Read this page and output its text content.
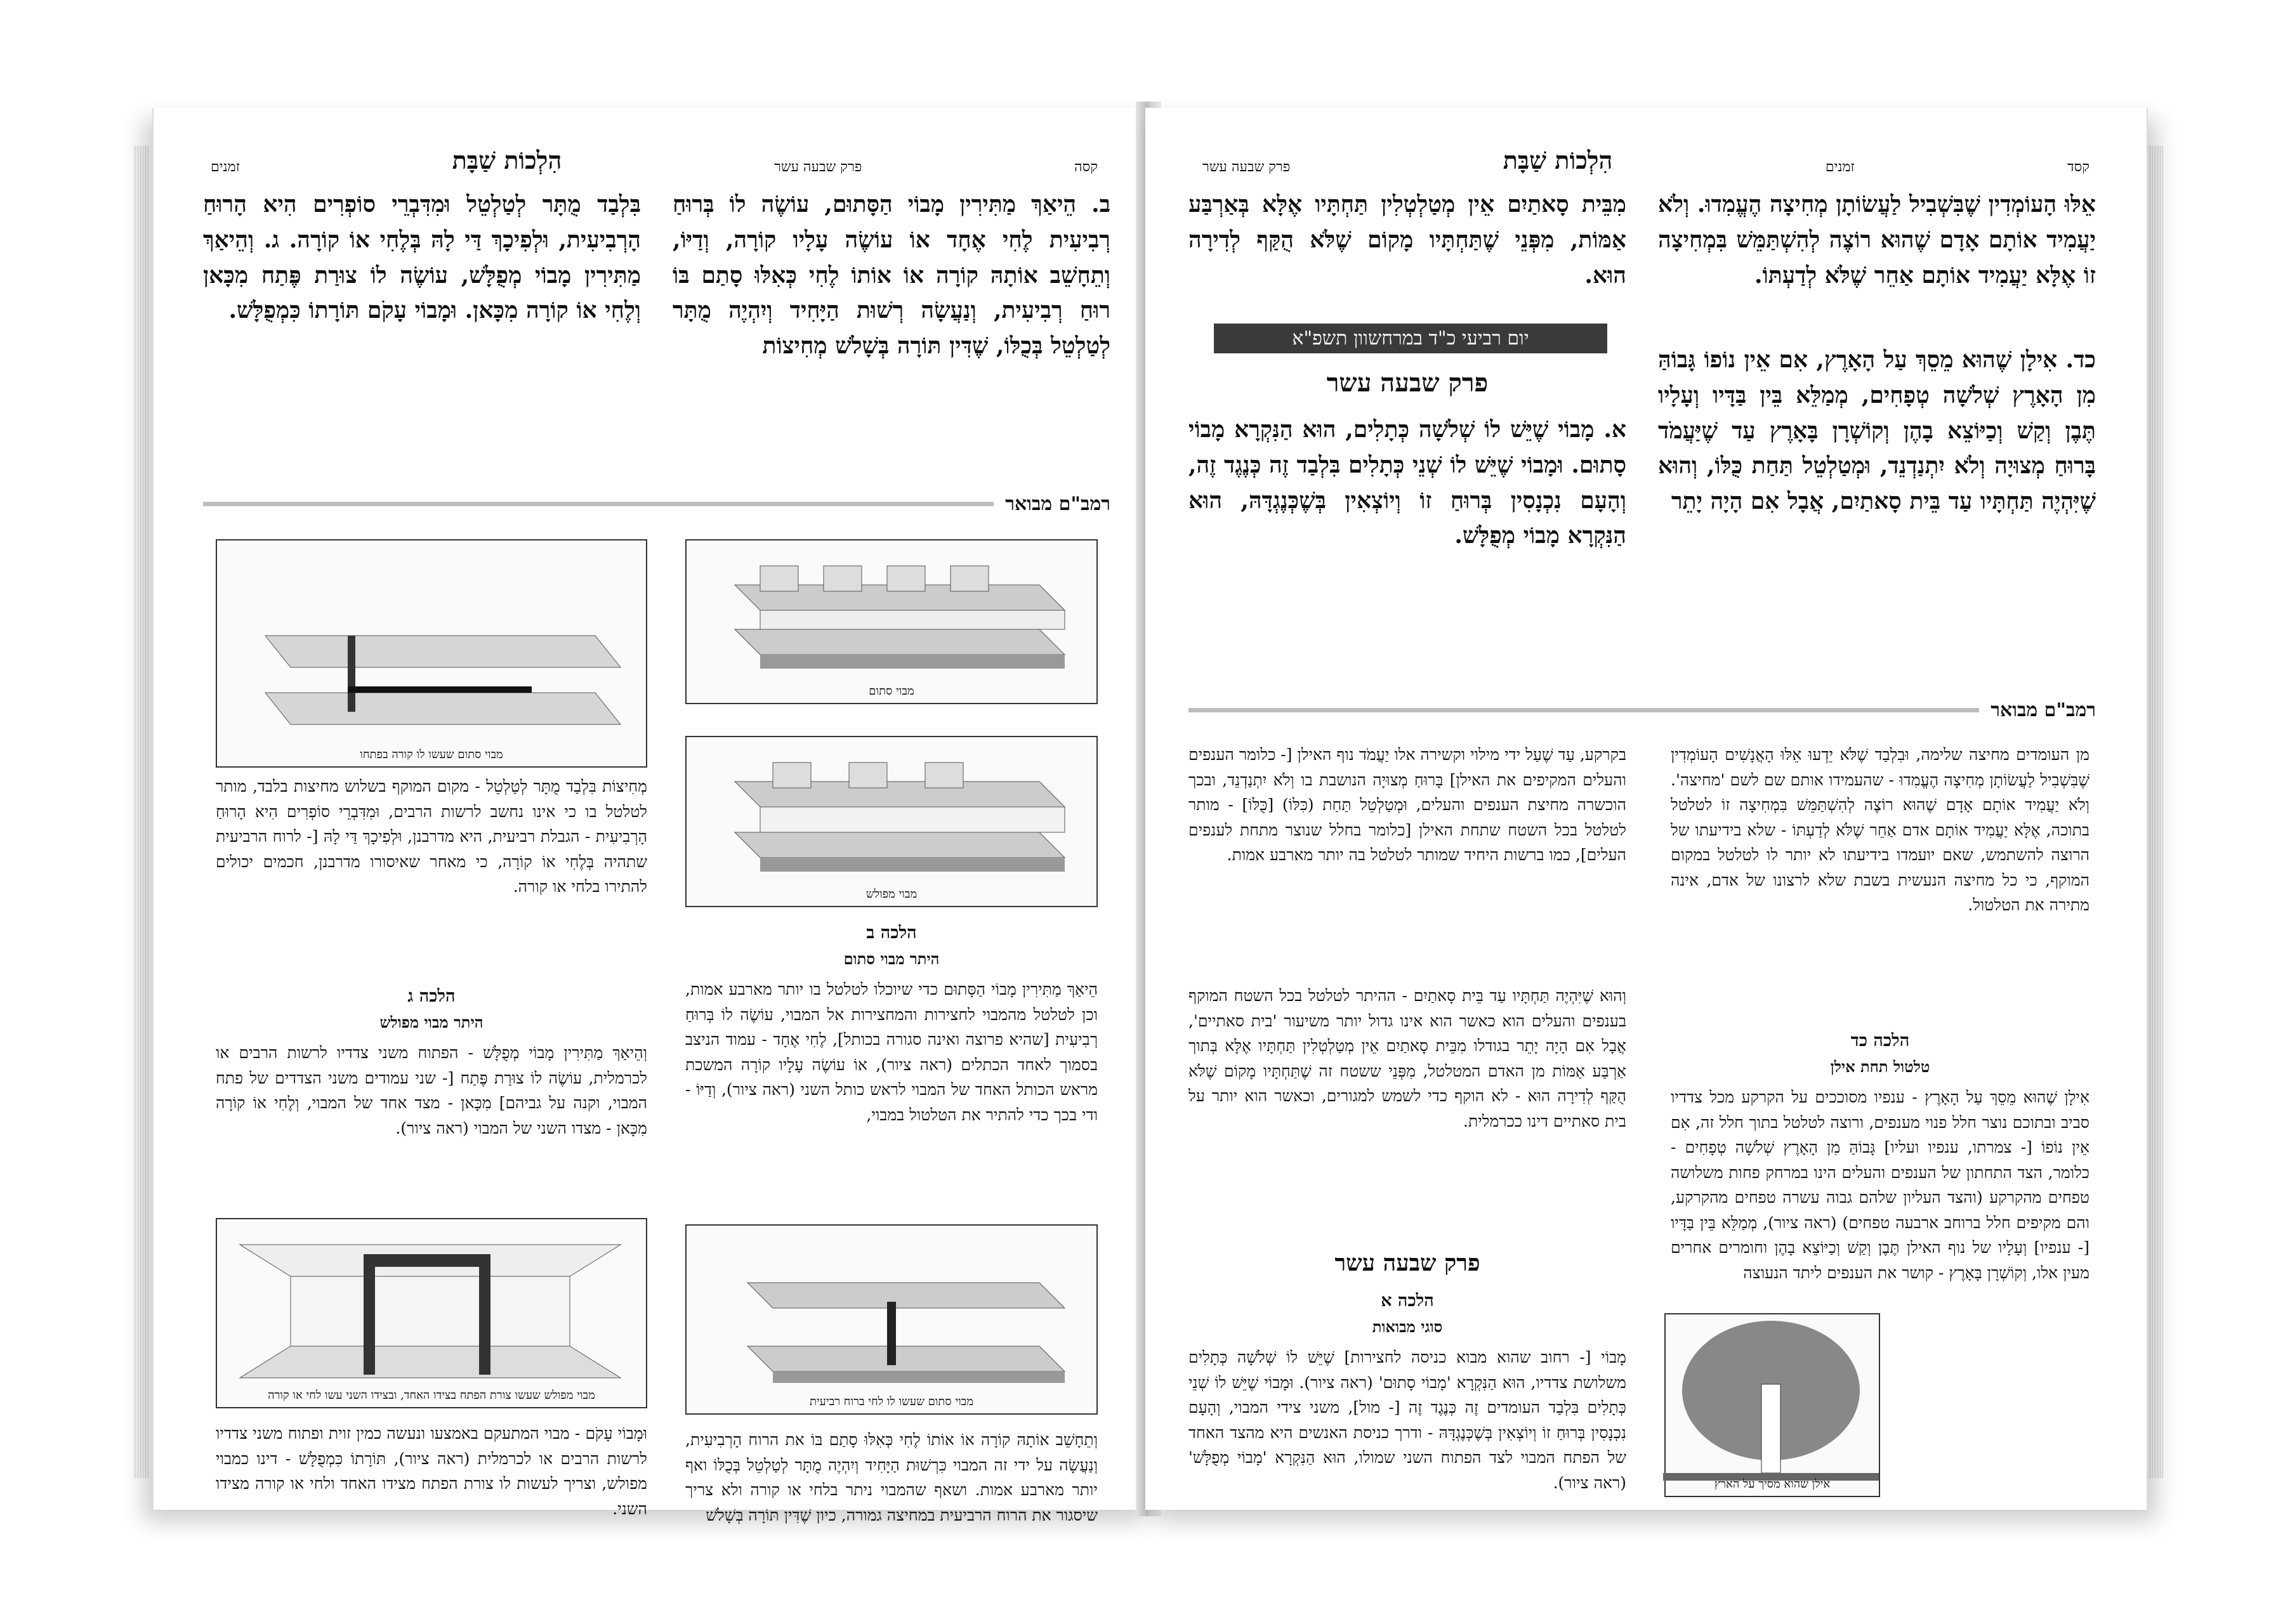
קסה
פרק שבעה עשר
הִלְכוֹת שַׁבָּת
זמנים
ב. הֵיאַךְ מַתִּירִין מָבוֹי הַסָּתוּם, עוֹשֶׂה לוֹ בְּרוּחַ רְבִיעִית לֶחִי אֶחָד אוֹ עוֹשֶׂה עָלָיו קוֹרָה, וְדַיּוֹ, וְתֵחָשֵׁב אוֹתָהּ קוֹרָה אוֹ אוֹתוֹ לֶחִי כְּאִלּוּ סָתַם בּוֹ רוּחַ רְבִיעִית, וְנַעֲשָׂה רְשׁוּת הַיָּחִיד וְיִהְיֶה מֻתָּר לְטַלְטֵל בְּכֻלּוֹ, שֶׁדִּין תּוֹרָה בְּשָׁלֹשׁ מְחִיצוֹת
בִּלְבַד מֻתָּר לְטַלְטֵל וּמִדִּבְרֵי סוֹפְרִים הִיא הָרוּחַ הָרְבִיעִית, וּלְפִיכָךְ דַּי לָהּ בְּלֶחִי אוֹ קוֹרָה. ג. וְהֵיאַךְ מַתִּירִין מָבוֹי מְפֻלָּשׁ, עוֹשֶׂה לוֹ צוּרַת פֶּתַח מִכָּאן וְלֶחִי אוֹ קוֹרָה מִכָּאן. וּמָבוֹי עָקֹם תּוֹרָתוֹ כִּמְפֻלָּשׁ.
רמב"ם מבואר
מבוי סתום
מבוי מפולש
הלכה ב
היתר מבוי סתום
הֵיאַךְ מַתִּירִין מָבוֹי הַסָּתוּם כדי שיוכלו לטלטל בו יותר מארבע אמות, וכן לטלטל מהמבוי לחצירות והמחצירות אל המבוי, עוֹשֶׂה לוֹ בְּרוּחַ רְבִיעִית [שהיא פרוצה ואינה סגורה בכותל], לֶחִי אֶחָד - עמוד הניצב בסמוך לאחד הכתלים (ראה ציור), אוֹ עוֹשֶׂה עָלָיו קוֹרָה המשכת מראש הכותל האחד של המבוי לראש כותל השני (ראה ציור), וְדַיּוֹ - ודי בכך כדי להתיר את הטלטול במבוי,
מבוי סתום שעשו לו לחי ברוח רביעית
וְתֵחָשֵׁב אוֹתָהּ קוֹרָה אוֹ אוֹתוֹ לֶחִי כְּאִלּוּ סָתַם בּוֹ את הרוח הָרְבִיעִית, וְנַעֲשָׂה על ידי זה המבוי כִּרְשׁוּת הַיָּחִיד וְיִהְיֶה מֻתָּר לְטַלְטֵל בְּכֻלּוֹ ואף יותר מארבע אמות. ושאף שהמבוי ניתר בלחי או קורה ולא צריך שיסגור את הרוח הרביעית במחיצה גמורה, כיון שֶׁדִּין תּוֹרָה בְּשָׁלֹשׁ
מבוי סתום שעשו לו קורה בפתחו
מְחִיצוֹת בִּלְבַד מֻתָּר לְטַלְטֵל - מקום המוקף בשלוש מחיצות בלבד, מותר לטלטל בו כי אינו נחשב לרשות הרבים, וּמִדִּבְרֵי סוֹפְרִים הִיא הָרוּחַ הָרְבִיעִית - הגבלת רביעית, היא מדרבנן, וּלְפִיכָךְ דַּי לָהּ [- לרוח הרביעית שתהיה בְּלֶחִי אוֹ קוֹרָה, כי מאחר שאיסורו מדרבנן, חכמים יכולים להתירו בלחי או קורה.
הלכה ג
היתר מבוי מפולש
וְהֵיאַךְ מַתִּירִין מָבוֹי מְפֻלָּשׁ - הפתוח משני צדדיו לרשות הרבים או לכרמלית, עוֹשֶׂה לוֹ צוּרַת פֶּתַח [- שני עמודים משני הצדדים של פתח המבוי, וקנה על גביהם] מִכָּאן - מצד אחד של המבוי, וְלֶחִי אוֹ קוֹרָה מִכָּאן - מצדו השני של המבוי (ראה ציור).
מבוי מפולש שעשו צורת הפתח בצידו האחד, ובצידו השני עשו לחי או קורה
וּמָבוֹי עָקֹם - מבוי המתעקם באמצעו ונעשה כמין זוית ופתוח משני צדדיו לרשות הרבים או לכרמלית (ראה ציור), תּוֹרָתוֹ כִּמְפֻלָּשׁ - דינו כמבוי מפולש, וצריך לעשות לו צורת הפתח מצידו האחד ולחי או קורה מצידו השני.
קסד
זמנים
הִלְכוֹת שַׁבָּת
פרק שבעה עשר
אֵלּוּ הָעוֹמְדִין שֶׁבִּשְׁבִיל לַעֲשׂוֹתָן מְחִיצָה הֶעֱמִדוּ. וְלֹא יַעֲמִיד אוֹתָם אָדָם שֶׁהוּא רוֹצֶה לְהִשְׁתַּמֵּשׁ בִּמְחִיצָה זוֹ אֶלָּא יַעֲמִיד אוֹתָם אַחֵר שֶׁלֹּא לְדַעְתּוֹ.
כד. אִילָן שֶׁהוּא מֵסֵךְ עַל הָאָרֶץ, אִם אֵין נוֹפוֹ גָּבוֹהַּ מִן הָאָרֶץ שְׁלֹשָׁה טְפָחִים, מְמַלֵּא בֵּין בַּדָּיו וְעָלָיו תֶּבֶן וְקַשׁ וְכַיּוֹצֵא בָהֶן וְקוֹשְׁרָן בָּאָרֶץ עַד שֶׁיַּעֲמֹד בָּרוּחַ מְצוּיָה וְלֹא יִתְנַדְנֵד, וּמְטַלְטֵל תַּחַת כֻּלּוֹ, וְהוּא שֶׁיִּהְיֶה תַּחְתָּיו עַד בֵּית סָאתַיִם, אֲבָל אִם הָיָה יָתֵר
מִבֵּית סָאתַיִם אֵין מְטַלְטְלִין תַּחְתָּיו אֶלָּא בְּאַרְבַּע אַמּוֹת, מִפְּנֵי שֶׁתַּחְתָּיו מָקוֹם שֶׁלֹּא הֻקַּף לְדִירָה הוּא.
יום רביעי כ"ד במרחשוון תשפ"א
פרק שבעה עשר
א. מָבוֹי שֶׁיֵּשׁ לוֹ שְׁלֹשָׁה כְּתָלִים, הוּא הַנִּקְרָא מָבוֹי סָתוּם. וּמָבוֹי שֶׁיֵּשׁ לוֹ שְׁנֵי כְּתָלִים בִּלְבַד זֶה כְּנֶגֶד זֶה, וְהָעָם נִכְנָסִין בְּרוּחַ זוֹ וְיוֹצְאִין בְּשֶׁכְּנֶגְדָּהּ, הוּא הַנִּקְרָא מָבוֹי מְפֻלָּשׁ.
רמב"ם מבואר
מן העומדים מחיצה שלימה, וּבִלְבַד שֶׁלֹּא יֵדְעוּ אֵלּוּ הָאֲנָשִׁים הָעוֹמְדִין שֶׁבִּשְׁבִיל לַעֲשׂוֹתָן מְחִיצָה הֶעֱמִדוּ - שהעמידו אותם שם לשם 'מחיצה'. וְלֹא יַעֲמִיד אוֹתָם אָדָם שֶׁהוּא רוֹצֶה לְהִשְׁתַּמֵּשׁ בִּמְחִיצָה זוֹ לטלטל בתוכה, אֶלָּא יַעֲמִיד אוֹתָם אדם אַחֵר שֶׁלֹּא לְדַעְתּוֹ - שלא בידיעתו של הרוצה להשתמש, שאם יועמדו בידיעתו לא יותר לו לטלטל במקום המוקף, כי כל מחיצה הנעשית בשבת שלא לרצונו של אדם, אינה מתירה את הטלטול.
הלכה כד
טלטול תחת אילן
אִילָן שֶׁהוּא מֵסֵךְ עַל הָאָרֶץ - ענפיו מסוככים על הקרקע מכל צדדיו סביב ובתוכם נוצר חלל פנוי מענפים, ורוצה לטלטל בתוך חלל זה, אִם אֵין נוֹפוֹ [- צמרתו, ענפיו ועליו] גָּבוֹהַּ מִן הָאָרֶץ שְׁלֹשָׁה טְפָחִים - כלומר, הצד התחתון של הענפים והעלים הינו במרחק פחות משלושה טפחים מהקרקע (והצד העליון שלהם גבוה עשרה טפחים מהקרקע, והם מקיפים חלל ברוחב ארבעה טפחים) (ראה ציור), מְמַלֵּא בֵּין בַּדָּיו [- ענפיו] וְעָלָיו של נוף האילן תֶּבֶן וְקַשׁ וְכַיּוֹצֵא בָהֶן וחומרים אחרים מעין אלו, וְקוֹשְׁרָן בָּאָרֶץ - קושר את הענפים ליתד הנעוצה
אילן שהוא מסיך על הארץ
בקרקע, עַד שֶׁעַל ידי מילוי וקשירה אלו יַעֲמֹד נוף האילן [- כלומר הענפים והעלים המקיפים את האילן] בָּרוּחַ מְצוּיָה הנושבת בו וְלֹא יִתְנַדְנֵד, ובכך הוכשרה מחיצת הענפים והעלים, וּמְטַלְטֵל תַּחַת (כִּלּוֹ) [כֻּלּוֹ] - מותר לטלטל בכל השטח שתחת האילן [כלומר בחלל שנוצר מתחת לענפים העלים], כמו ברשות היחיד שמותר לטלטל בה יותר מארבע אמות.
וְהוּא שֶׁיִּהְיֶה תַּחְתָּיו עַד בֵּית סָאתַיִם - ההיתר לטלטל בכל השטח המוקף בענפים והעלים הוא כאשר הוא אינו גדול יותר משיעור 'בית סאתיים', אֲבָל אִם הָיָה יָתֵר בגודלו מִבֵּית סָאתַיִם אֵין מְטַלְטְלִין תַּחְתָּיו אֶלָּא בְּתוך אַרְבַּע אַמּוֹת מן האדם המטלטל, מִפְּנֵי ששטח זה שֶׁתַּחְתָּיו מָקוֹם שֶׁלֹּא הֻקַּף לְדִירָה הוּא - לא הוקף כדי לשמש למגורים, וכאשר הוא יותר על בית סאתיים דינו ככרמלית.
פרק שבעה עשר
הלכה א
סוגי מבואות
מָבוֹי [- רחוב שהוא מבוא כניסה לחצירות] שֶׁיֵּשׁ לוֹ שְׁלֹשָׁה כְּתָלִים משלושת צדדיו, הוּא הַנִּקְרָא 'מָבוֹי סָתוּם' (ראה ציור). וּמָבוֹי שֶׁיֵּשׁ לוֹ שְׁנֵי כְּתָלִים בִּלְבַד העומדים זֶה כְּנֶגֶד זֶה [- מול], משני צידי המבוי, וְהָעָם נִכְנָסִין בְּרוּחַ זוֹ וְיוֹצְאִין בְּשֶׁכְּנֶגְדָּהּ - ודרך כניסת האנשים היא מהצד האחד של הפתח המבוי לצד הפתוח השני שמולו, הוּא הַנִּקְרָא 'מָבוֹי מְפֻלָּשׁ' (ראה ציור).
